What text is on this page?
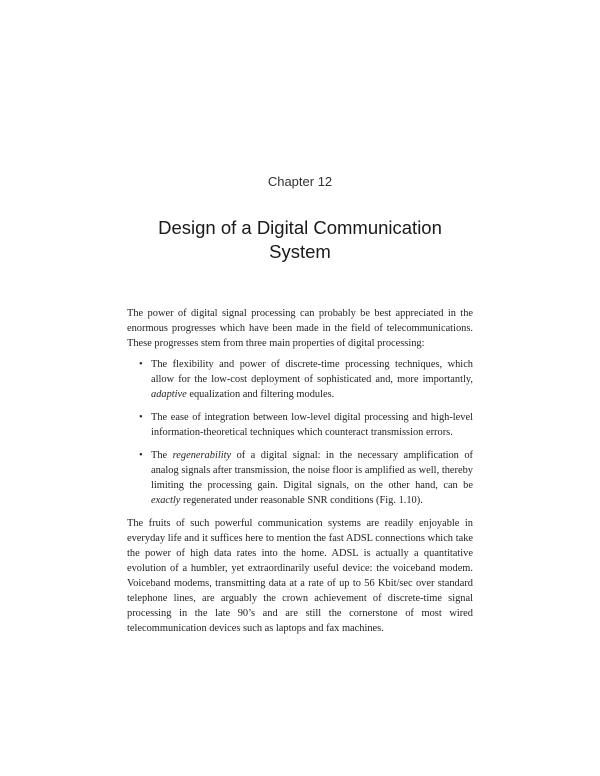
Chapter 12
Design of a Digital Communication
System

The power of digital signal processing can probably be best appreciated in the enormous progresses which have been made in the field of telecommunications. These progresses stem from three main properties of digital processing:

• The flexibility and power of discrete-time processing techniques, which allow for the low-cost deployment of sophisticated and, more importantly, adaptive equalization and filtering modules.
• The ease of integration between low-level digital processing and high-level information-theoretical techniques which counteract transmission errors.
• The regenerability of a digital signal: in the necessary amplification of analog signals after transmission, the noise floor is amplified as well, thereby limiting the processing gain. Digital signals, on the other hand, can be exactly regenerated under reasonable SNR conditions (Fig. 1.10).

The fruits of such powerful communication systems are readily enjoyable in everyday life and it suffices here to mention the fast ADSL connections which take the power of high data rates into the home. ADSL is actually a quantitative evolution of a humbler, yet extraordinarily useful device: the voiceband modem. Voiceband modems, transmitting data at a rate of up to 56 Kbit/sec over standard telephone lines, are arguably the crown achievement of discrete-time signal processing in the late 90’s and are still the cornerstone of most wired telecommunication devices such as laptops and fax machines.
